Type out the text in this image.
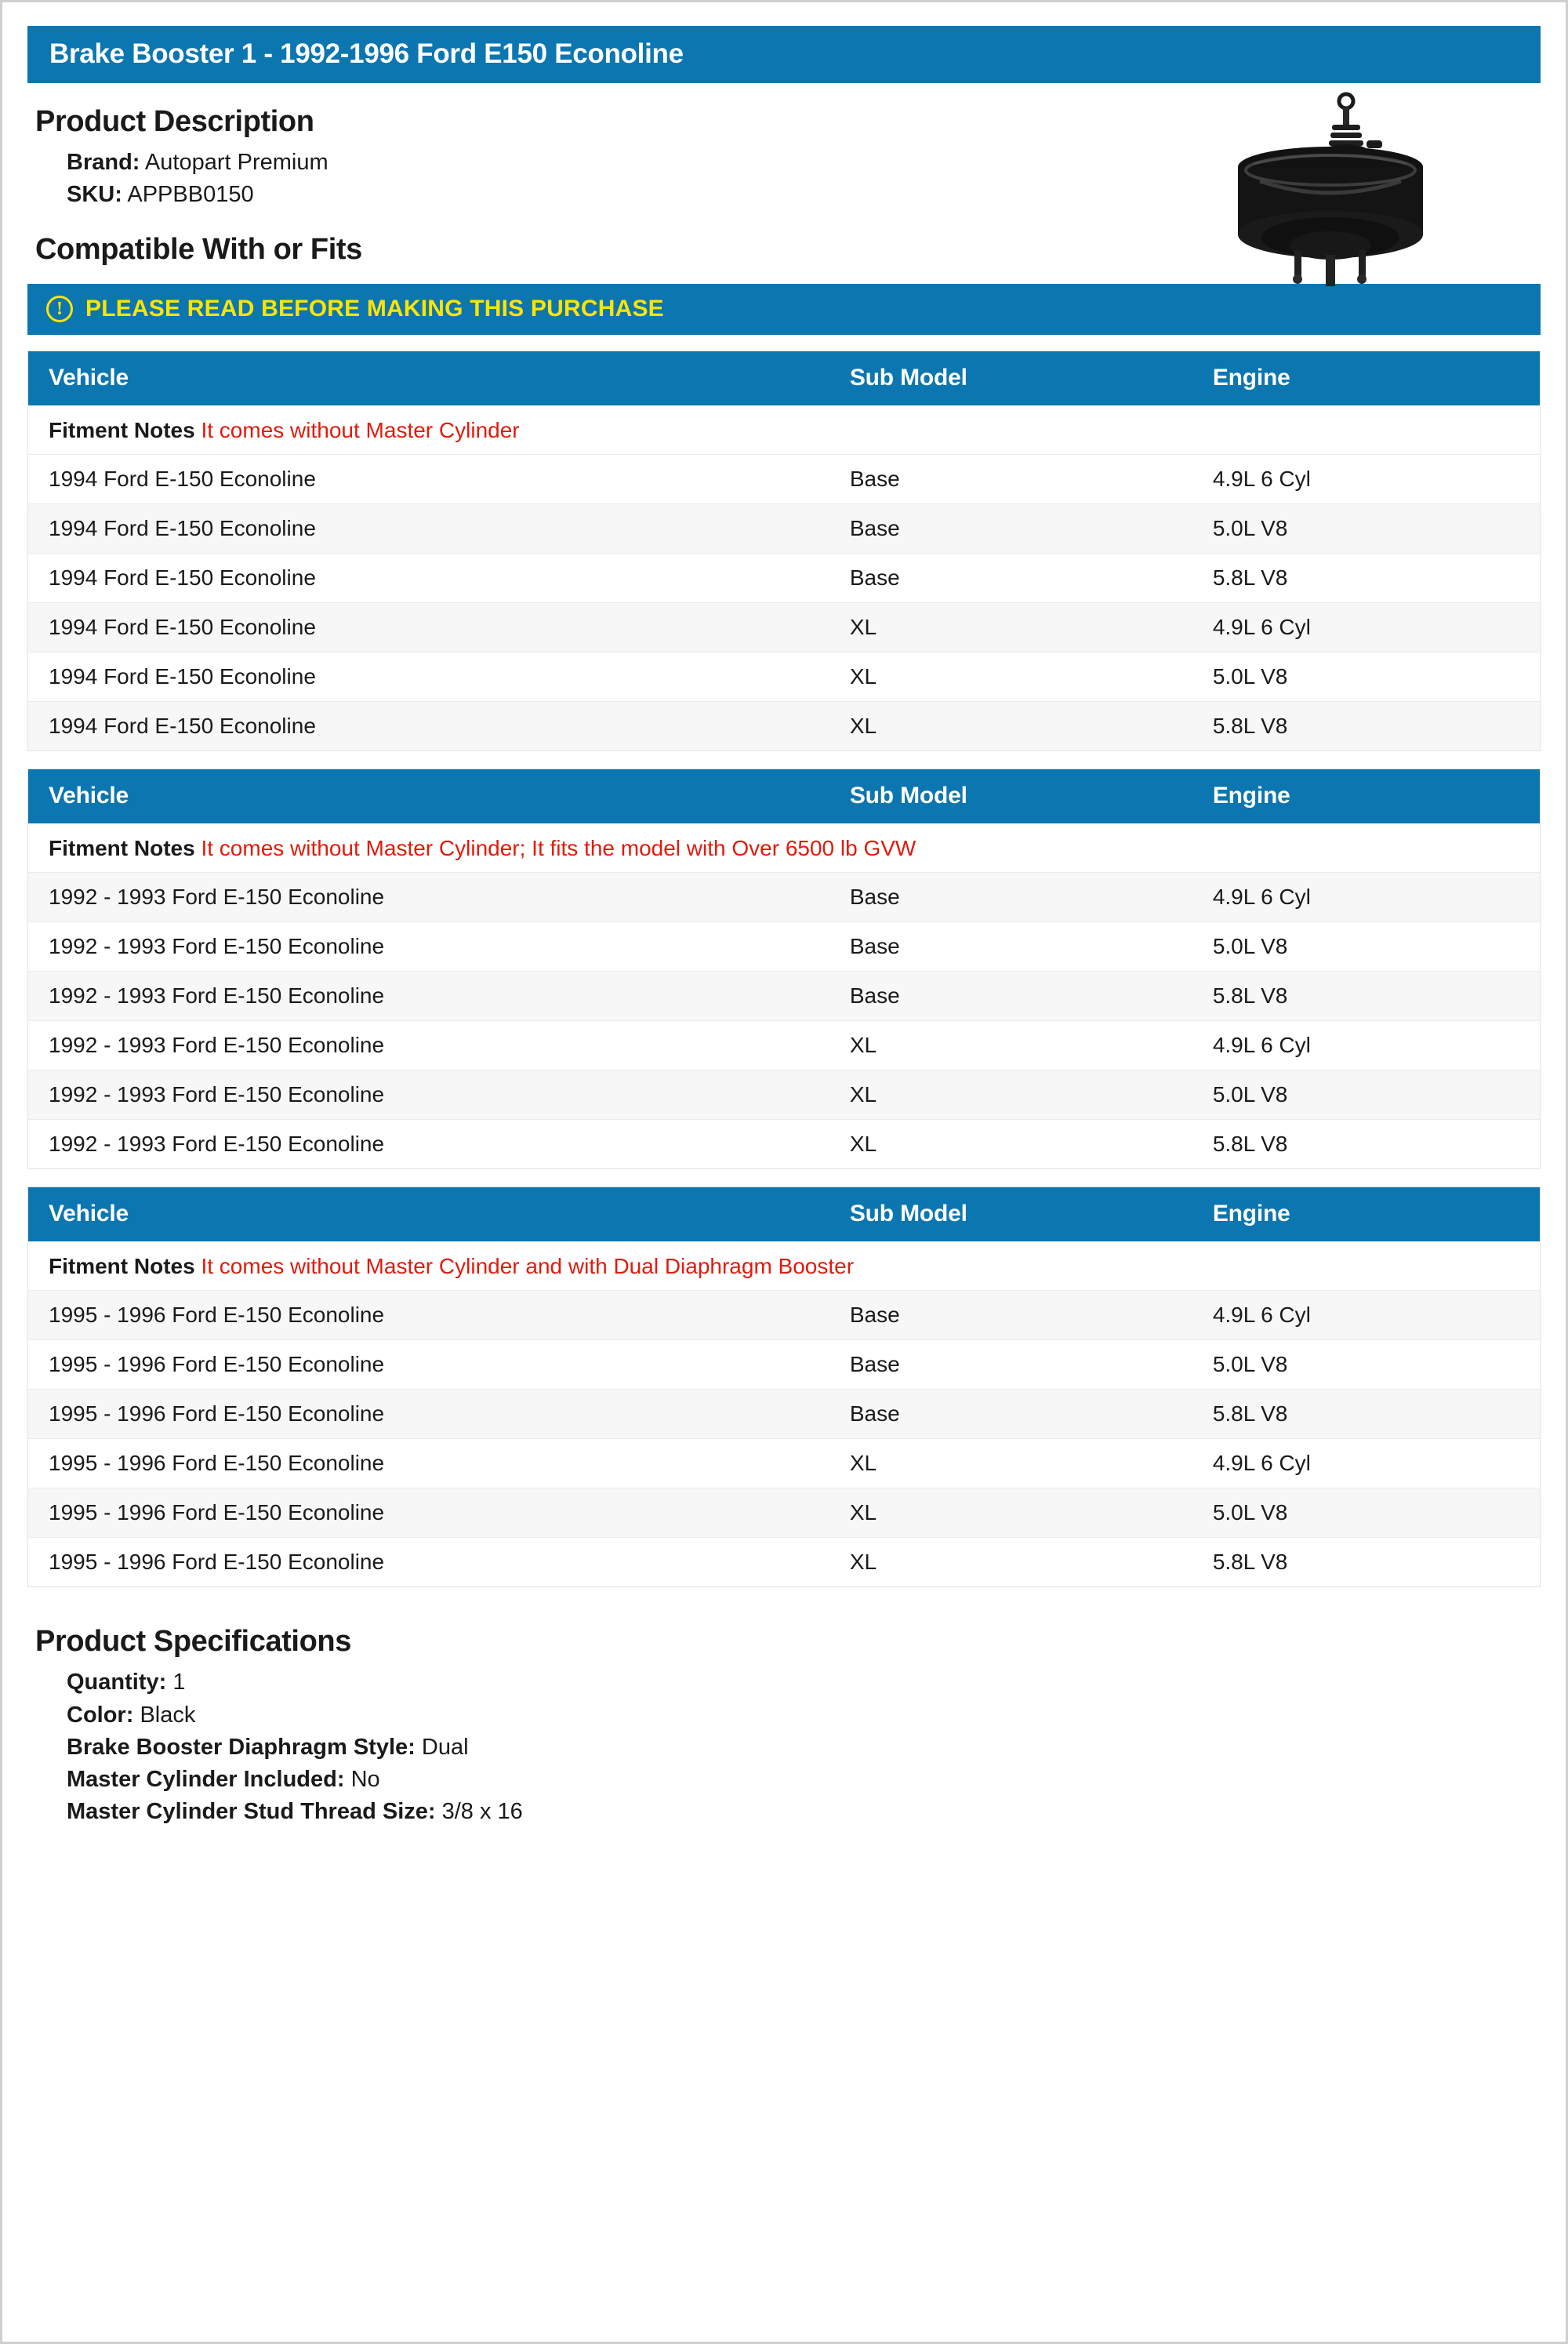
Brake Booster 1 - 1992-1996 Ford E150 Econoline
Product Description
Brand: Autopart Premium
SKU: APPBB0150
Compatible With or Fits
! PLEASE READ BEFORE MAKING THIS PURCHASE
Vehicle	Sub Model	Engine
Fitment Notes It comes without Master Cylinder		
1994 Ford E-150 Econoline	Base	4.9L 6 Cyl
1994 Ford E-150 Econoline	Base	5.0L V8
1994 Ford E-150 Econoline	Base	5.8L V8
1994 Ford E-150 Econoline	XL	4.9L 6 Cyl
1994 Ford E-150 Econoline	XL	5.0L V8
1994 Ford E-150 Econoline	XL	5.8L V8
Vehicle	Sub Model	Engine
Fitment Notes It comes without Master Cylinder; It fits the model with Over 6500 lb GVW		
1992 - 1993 Ford E-150 Econoline	Base	4.9L 6 Cyl
1992 - 1993 Ford E-150 Econoline	Base	5.0L V8
1992 - 1993 Ford E-150 Econoline	Base	5.8L V8
1992 - 1993 Ford E-150 Econoline	XL	4.9L 6 Cyl
1992 - 1993 Ford E-150 Econoline	XL	5.0L V8
1992 - 1993 Ford E-150 Econoline	XL	5.8L V8
Vehicle	Sub Model	Engine
Fitment Notes It comes without Master Cylinder and with Dual Diaphragm Booster		
1995 - 1996 Ford E-150 Econoline	Base	4.9L 6 Cyl
1995 - 1996 Ford E-150 Econoline	Base	5.0L V8
1995 - 1996 Ford E-150 Econoline	Base	5.8L V8
1995 - 1996 Ford E-150 Econoline	XL	4.9L 6 Cyl
1995 - 1996 Ford E-150 Econoline	XL	5.0L V8
1995 - 1996 Ford E-150 Econoline	XL	5.8L V8
Product Specifications
Quantity: 1
Color: Black
Brake Booster Diaphragm Style: Dual
Master Cylinder Included: No
Master Cylinder Stud Thread Size: 3/8 x 16
